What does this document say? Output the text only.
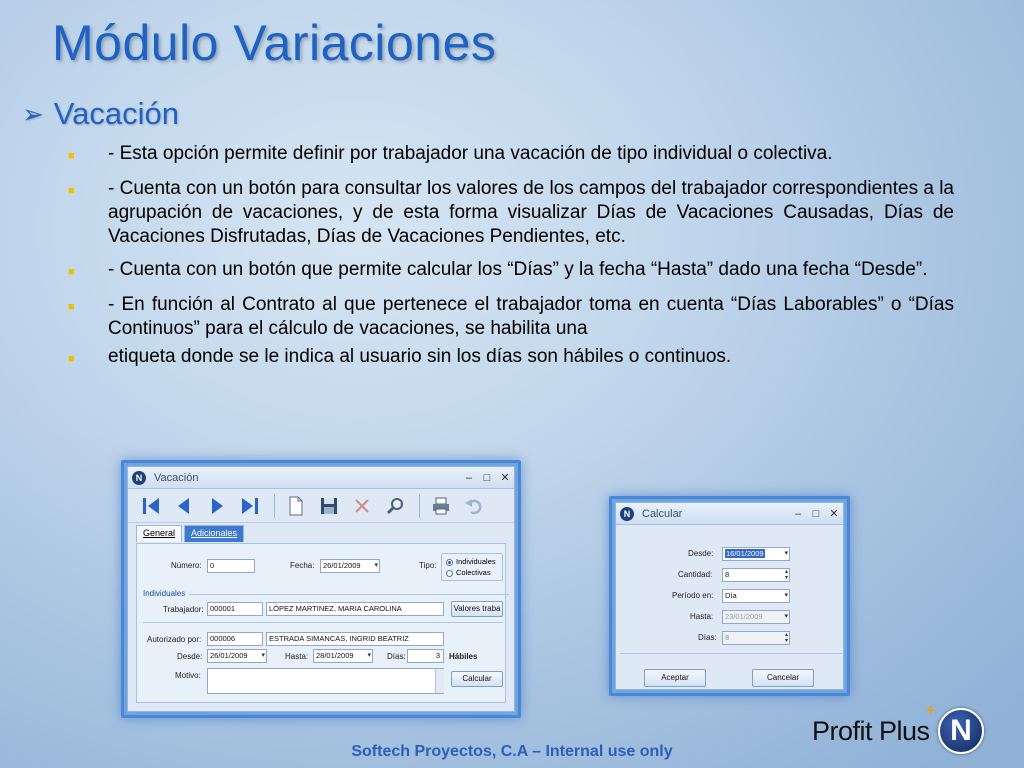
Módulo Variaciones
➢ Vacación
■	- Esta opción permite definir por trabajador una vacación de tipo individual o colectiva.
■	- Cuenta con un botón para consultar los valores de los campos del trabajador correspondientes a la agrupación de vacaciones, y de esta forma visualizar Días de Vacaciones Causadas, Días de Vacaciones Disfrutadas, Días de Vacaciones Pendientes, etc.
■	- Cuenta con un botón que permite calcular los “Días” y la fecha “Hasta” dado una fecha “Desde”.
■	- En función al Contrato al que pertenece el trabajador toma en cuenta “Días Laborables” o “Días Continuos” para el cálculo de vacaciones, se habilita una
■	etiqueta donde se le indica al usuario sin los días son hábiles o continuos.
N	Vacación	–	□ ✕
General	Adicionales
Número:	0	Fecha:	26/01/2009 ▾	Tipo:	Individuales
Colectivas
Individuales
Trabajador: 000001	LÓPEZ MARTINEZ, MARIA CAROLINA	Valores traba
Autorizado por:	000006	ESTRADA SIMANCAS, INGRID BEATRIZ
Desde:	26/01/2009 ▾	Hasta:	28/01/2009 ▾ Días:	3	Hábiles
Motivo:	Calcular
N	Calcular	–	□ ✕
Desde:	16/01/2009	▾
Cantidad:	8	▴
▾
Período en:	Día	▾
Hasta:	23/01/2009	▾
Días:	8	▴
▾
Aceptar	Cancelar
Softech Proyectos, C.A – Internal use only
Profit Plus
+
N
